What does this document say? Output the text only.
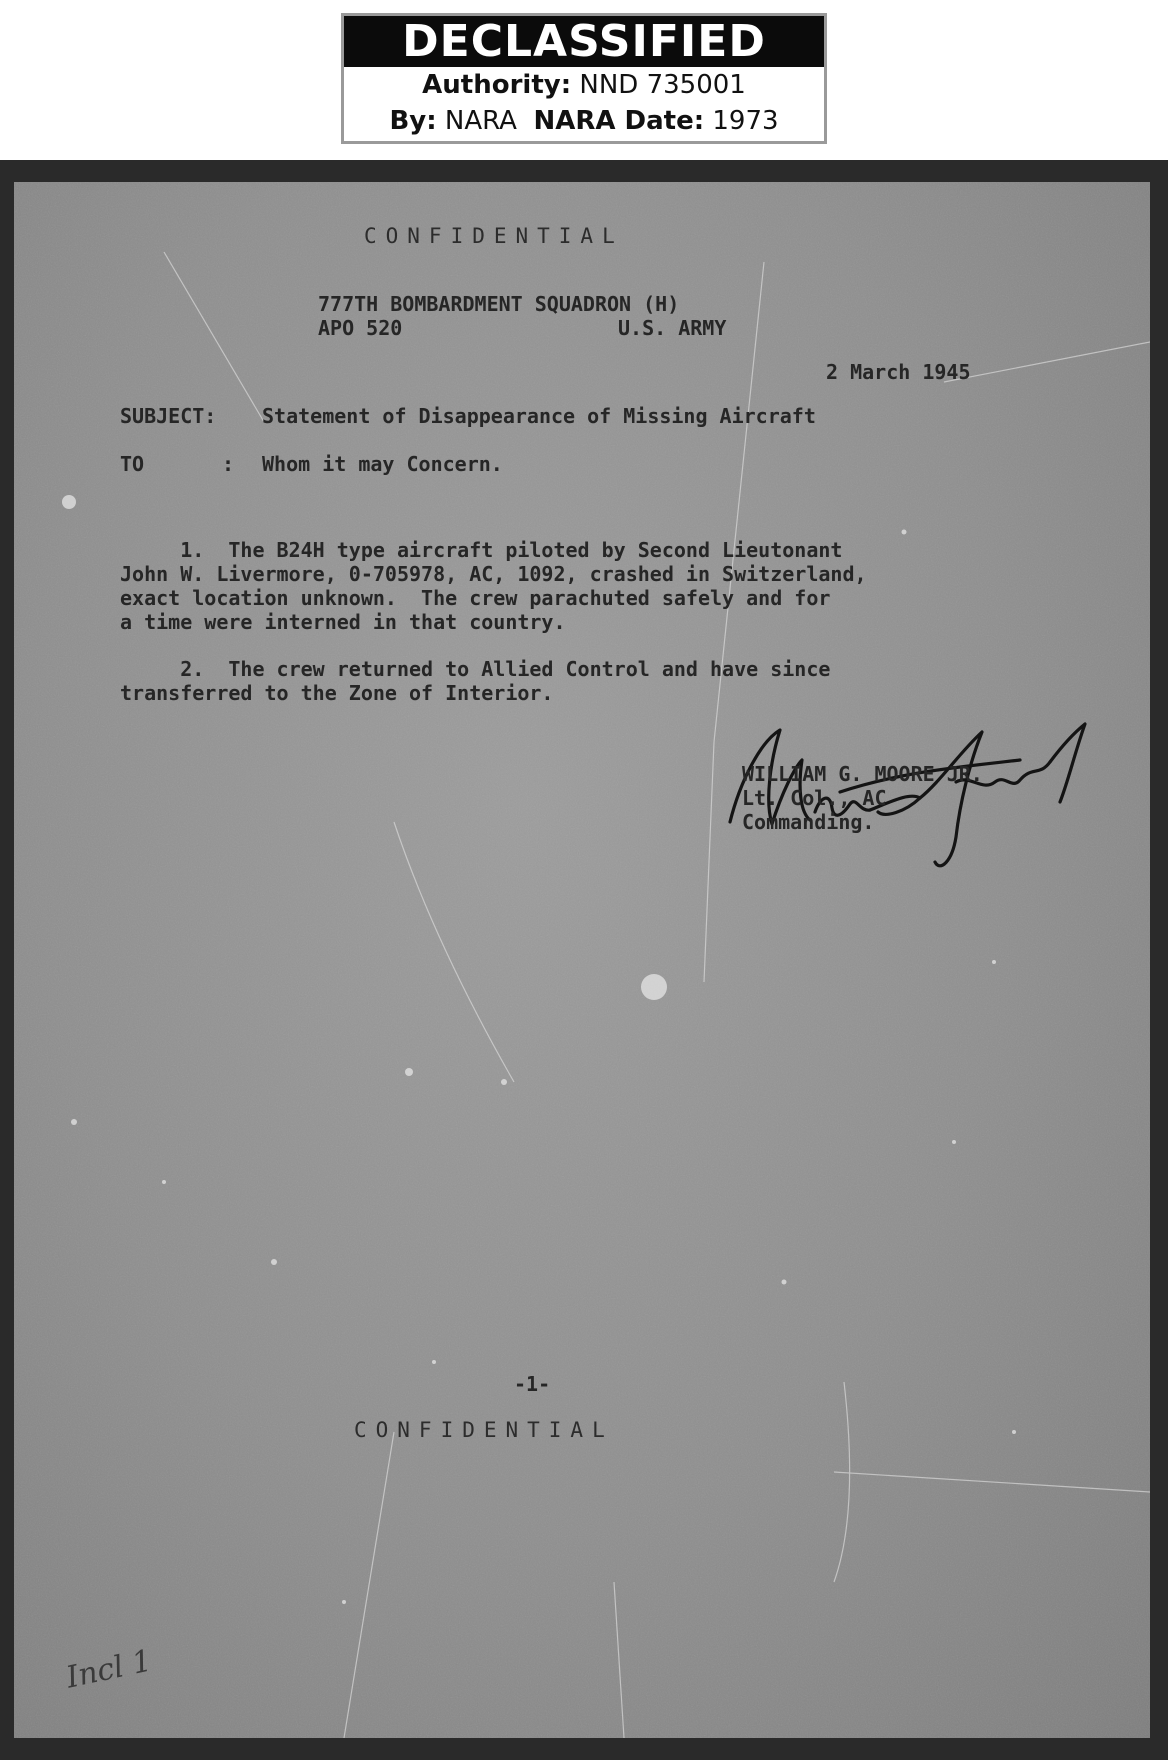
DECLASSIFIED
Authority: NND 735001
By: NARA NARA Date: 1973
CONFIDENTIAL
777TH BOMBARDMENT SQUADRON (H)
APO 520	U.S. ARMY
2 March 1945
SUBJECT: Statement of Disappearance of Missing Aircraft
TO	: Whom it may Concern.
1.  The B24H type aircraft piloted by Second Lieutonant
John W. Livermore, 0-705978, AC, 1092, crashed in Switzerland,
exact location unknown.  The crew parachuted safely and for
a time were interned in that country.
2.  The crew returned to Allied Control and have since
transferred to the Zone of Interior.
WILLIAM G. MOORE JR.
Lt. Col., AC
Commanding.
-1-
CONFIDENTIAL
Incl 1
